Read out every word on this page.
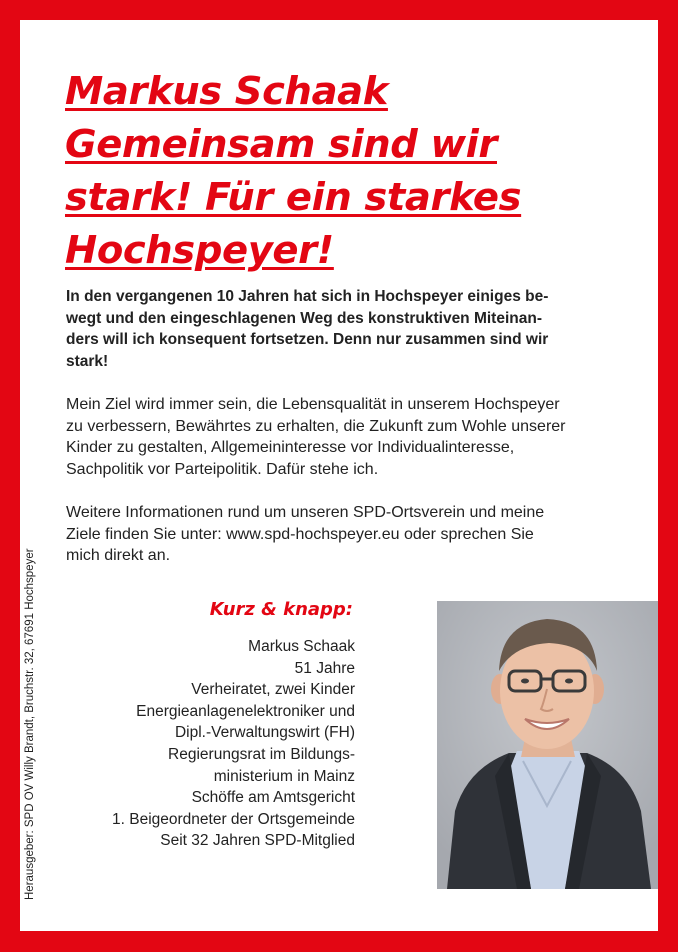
Markus Schaak
Gemeinsam sind wir
stark! Für ein starkes
Hochspeyer!

In den vergangenen 10 Jahren hat sich in Hochspeyer einiges be-
wegt und den eingeschlagenen Weg des konstruktiven Miteinan-
ders will ich konsequent fortsetzen. Denn nur zusammen sind wir
stark!

Mein Ziel wird immer sein, die Lebensqualität in unserem Hochspeyer
zu verbessern, Bewährtes zu erhalten, die Zukunft zum Wohle unserer
Kinder zu gestalten, Allgemeininteresse vor Individualinteresse,
Sachpolitik vor Parteipolitik. Dafür stehe ich.

Weitere Informationen rund um unseren SPD-Ortsverein und meine
Ziele finden Sie unter: www.spd-hochspeyer.eu oder sprechen Sie
mich direkt an.

Kurz & knapp:

Markus Schaak
51 Jahre
Verheiratet, zwei Kinder
Energieanlagenelektroniker und
Dipl.-Verwaltungswirt (FH)
Regierungsrat im Bildungs-
ministerium in Mainz
Schöffe am Amtsgericht
1. Beigeordneter der Ortsgemeinde
Seit 32 Jahren SPD-Mitglied

Herausgeber: SPD OV Willy Brandt, Bruchstr. 32, 67691 Hochspeyer
